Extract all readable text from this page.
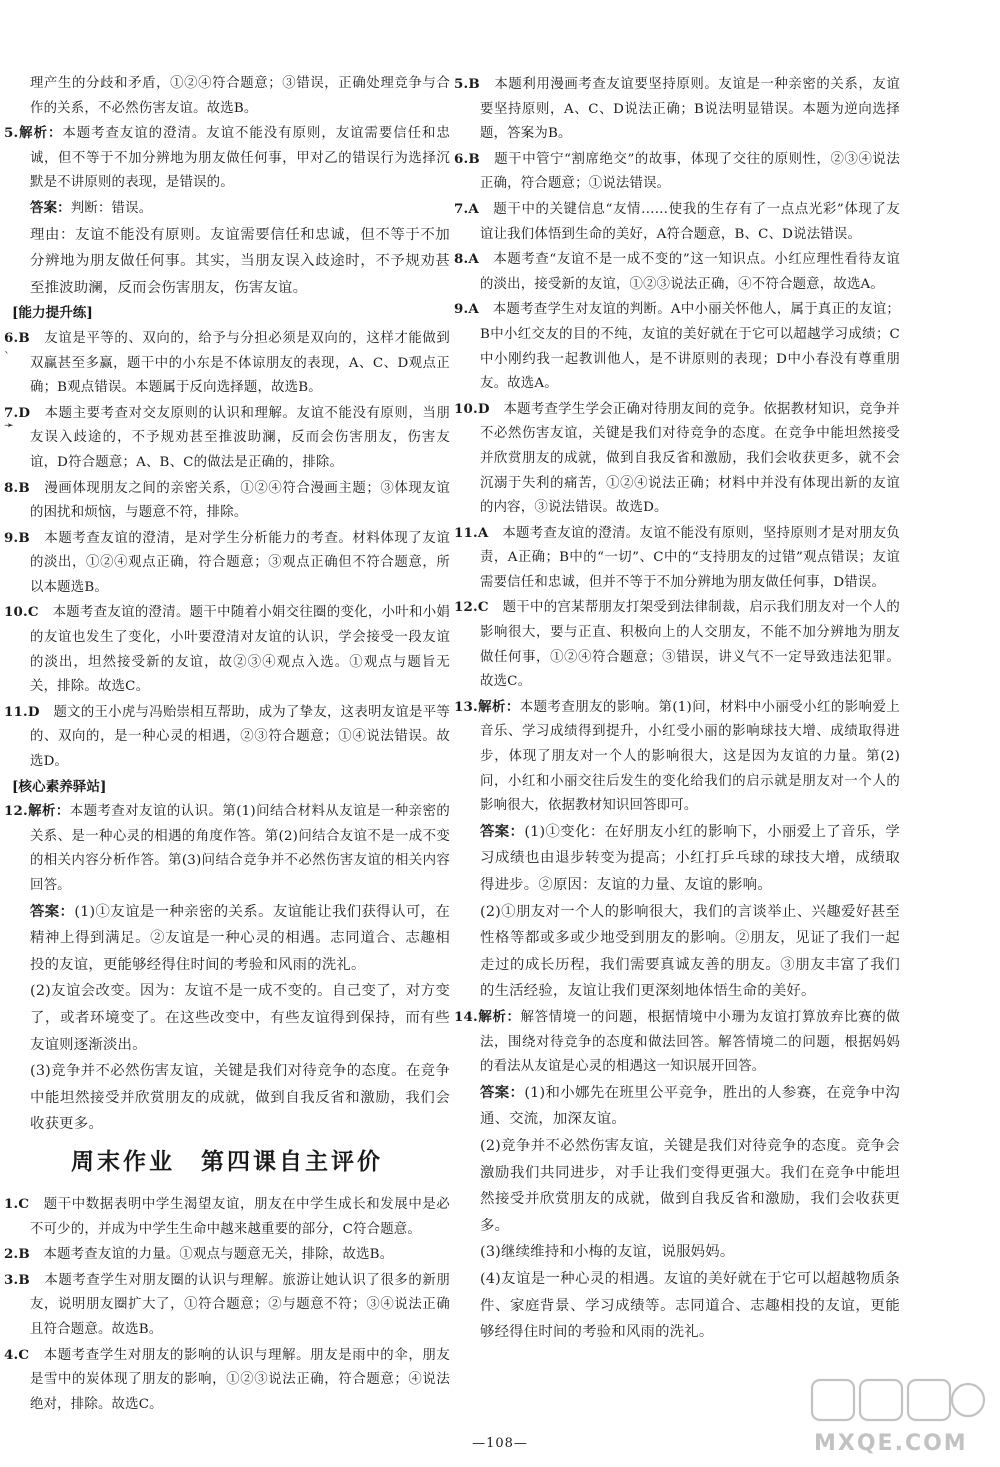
理产生的分歧和矛盾，①②④符合题意；③错误，正确处理竞争与合作的关系，不必然伤害友谊。故选B。

5.解析：本题考查友谊的澄清。友谊不能没有原则，友谊需要信任和忠诚，但不等于不加分辨地为朋友做任何事，甲对乙的错误行为选择沉默是不讲原则的表现，是错误的。

答案：判断：错误。

理由：友谊不能没有原则。友谊需要信任和忠诚，但不等于不加分辨地为朋友做任何事。其实，当朋友误入歧途时，不予规劝甚至推波助澜，反而会伤害朋友，伤害友谊。

[能力提升练]

6.B　 友谊是平等的、双向的，给予与分担必须是双向的，这样才能做到双赢甚至多赢，题干中的小东是不体谅朋友的表现，A、C、D观点正确；B观点错误。本题属于反向选择题，故选B。

7.D　 本题主要考查对交友原则的认识和理解。友谊不能没有原则，当朋友误入歧途的，不予规劝甚至推波助澜，反而会伤害朋友，伤害友谊，D符合题意；A、B、C的做法是正确的，排除。

8.B　 漫画体现朋友之间的亲密关系，①②④符合漫画主题；③体现友谊的困扰和烦恼，与题意不符，排除。

9.B　 本题考查友谊的澄清，是对学生分析能力的考查。材料体现了友谊的淡出，①②④观点正确，符合题意；③观点正确但不符合题意，所以本题选B。

10.C　 本题考查友谊的澄清。题干中随着小娟交往圈的变化，小叶和小娟的友谊也发生了变化，小叶要澄清对友谊的认识，学会接受一段友谊的淡出，坦然接受新的友谊，故②③④观点入选。①观点与题旨无关，排除。故选C。

11.D　 题文的王小虎与冯贻崇相互帮助，成为了挚友，这表明友谊是平等的、双向的，是一种心灵的相遇，②③符合题意；①④说法错误。故选D。

[核心素养驿站]

12.解析：本题考查对友谊的认识。第(1)问结合材料从友谊是一种亲密的关系、是一种心灵的相遇的角度作答。第(2)问结合友谊不是一成不变的相关内容分析作答。第(3)问结合竞争并不必然伤害友谊的相关内容回答。

答案：(1)①友谊是一种亲密的关系。友谊能让我们获得认可，在精神上得到满足。②友谊是一种心灵的相遇。志同道合、志趣相投的友谊，更能够经得住时间的考验和风雨的洗礼。

(2)友谊会改变。因为：友谊不是一成不变的。自己变了，对方变了，或者环境变了。在这些改变中，有些友谊得到保持，而有些友谊则逐渐淡出。

(3)竞争并不必然伤害友谊，关键是我们对待竞争的态度。在竞争中能坦然接受并欣赏朋友的成就，做到自我反省和激励，我们会收获更多。

周末作业　第四课自主评价

1.C　 题干中数据表明中学生渴望友谊，朋友在中学生成长和发展中是必不可少的，并成为中学生生命中越来越重要的部分，C符合题意。

2.B　 本题考查友谊的力量。①观点与题意无关，排除，故选B。

3.B　 本题考查学生对朋友圈的认识与理解。旅游让她认识了很多的新朋友，说明朋友圈扩大了，①符合题意；②与题意不符；③④说法正确且符合题意。故选B。

4.C　 本题考查学生对朋友的影响的认识与理解。朋友是雨中的伞，朋友是雪中的炭体现了朋友的影响，①②③说法正确，符合题意；④说法绝对，排除。故选C。

5.B　 本题利用漫画考查友谊要坚持原则。友谊是一种亲密的关系，友谊要坚持原则，A、C、D说法正确；B说法明显错误。本题为逆向选择题，答案为B。

6.B　 题干中管宁“割席绝交”的故事，体现了交往的原则性，②③④说法正确，符合题意；①说法错误。

7.A　 题干中的关键信息“友情……使我的生存有了一点点光彩”体现了友谊让我们体悟到生命的美好，A符合题意，B、C、D说法错误。

8.A　 本题考查“友谊不是一成不变的”这一知识点。小红应理性看待友谊的淡出，接受新的友谊，①②③说法正确，④不符合题意，故选A。

9.A　 本题考查学生对友谊的判断。A中小丽关怀他人，属于真正的友谊；B中小红交友的目的不纯，友谊的美好就在于它可以超越学习成绩；C中小刚约我一起教训他人，是不讲原则的表现；D中小春没有尊重朋友。故选A。

10.D　 本题考查学生学会正确对待朋友间的竞争。依据教材知识，竞争并不必然伤害友谊，关键是我们对待竞争的态度。在竞争中能坦然接受并欣赏朋友的成就，做到自我反省和激励，我们会收获更多，就不会沉溺于失利的痛苦，①②④说法正确；材料中并没有体现出新的友谊的内容，③说法错误。故选D。

11.A　 本题考查友谊的澄清。友谊不能没有原则，坚持原则才是对朋友负责，A正确；B中的“一切”、C中的“支持朋友的过错”观点错误；友谊需要信任和忠诚，但并不等于不加分辨地为朋友做任何事，D错误。

12.C　 题干中的宫某帮朋友打架受到法律制裁，启示我们朋友对一个人的影响很大，要与正直、积极向上的人交朋友，不能不加分辨地为朋友做任何事，①②④符合题意；③错误，讲义气不一定导致违法犯罪。故选C。

13.解析：本题考查朋友的影响。第(1)问，材料中小丽受小红的影响爱上音乐、学习成绩得到提升，小红受小丽的影响球技大增、成绩取得进步，体现了朋友对一个人的影响很大，这是因为友谊的力量。第(2)问，小红和小丽交往后发生的变化给我们的启示就是朋友对一个人的影响很大，依据教材知识回答即可。

答案：(1)①变化：在好朋友小红的影响下，小丽爱上了音乐，学习成绩也由退步转变为提高；小红打乒乓球的球技大增，成绩取得进步。②原因：友谊的力量、友谊的影响。

(2)①朋友对一个人的影响很大，我们的言谈举止、兴趣爱好甚至性格等都或多或少地受到朋友的影响。②朋友，见证了我们一起走过的成长历程，我们需要真诚友善的朋友。③朋友丰富了我们的生活经验，友谊让我们更深刻地体悟生命的美好。

14.解析：解答情境一的问题，根据情境中小珊为友谊打算放弃比赛的做法，围绕对待竞争的态度和做法回答。解答情境二的问题，根据妈妈的看法从友谊是心灵的相遇这一知识展开回答。

答案：(1)和小娜先在班里公平竞争，胜出的人参赛，在竞争中沟通、交流，加深友谊。

(2)竞争并不必然伤害友谊，关键是我们对待竞争的态度。竞争会激励我们共同进步，对手让我们变得更强大。我们在竞争中能坦然接受并欣赏朋友的成就，做到自我反省和激励，我们会收获更多。

(3)继续维持和小梅的友谊，说服妈妈。

(4)友谊是一种心灵的相遇。友谊的美好就在于它可以超越物质条件、家庭背景、学习成绩等。志同道合、志趣相投的友谊，更能够经得住时间的考验和风雨的洗礼。

ˋ
➛
—108—	MXQE.COM
